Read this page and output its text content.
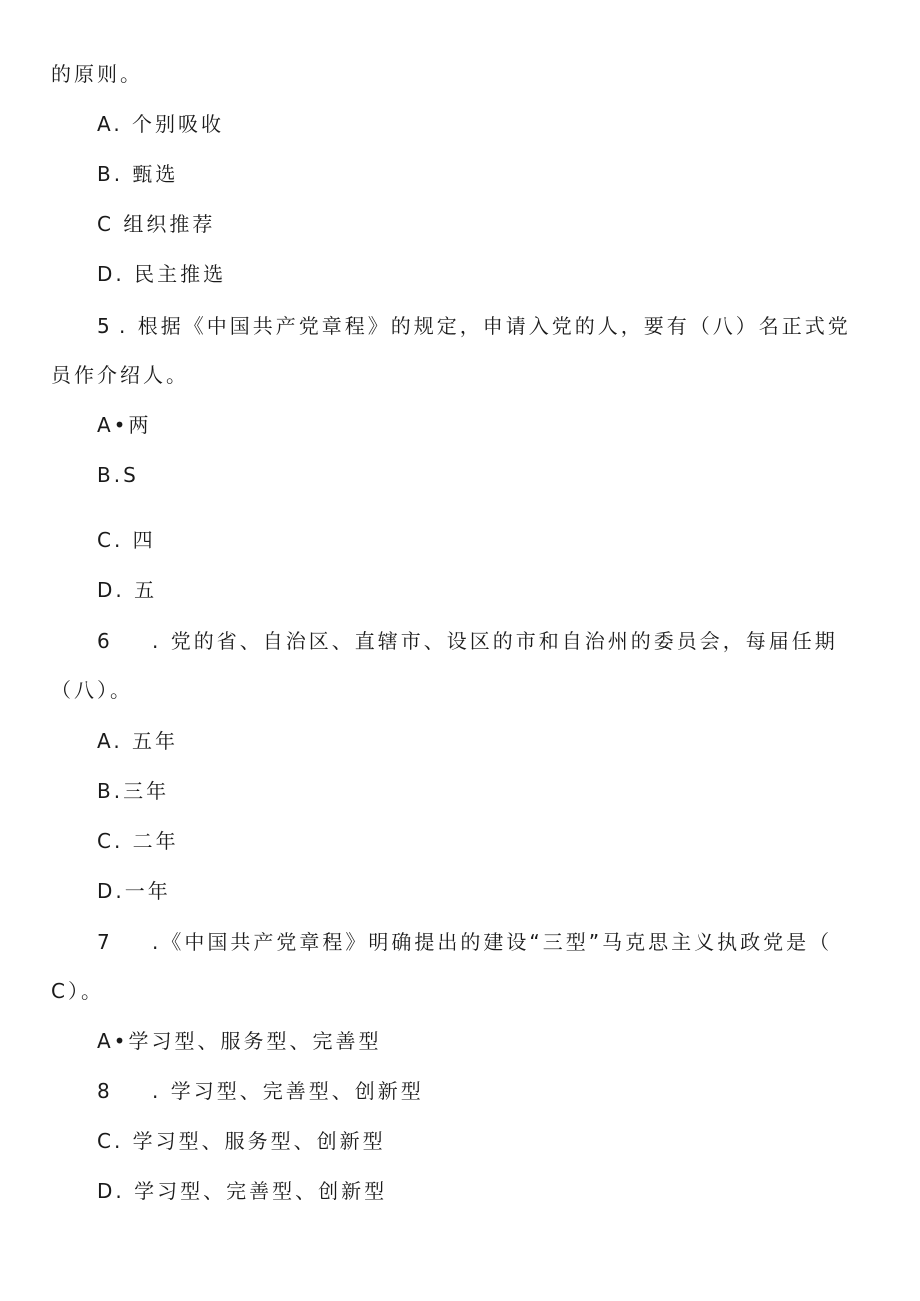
的原则。
A. 个别吸收
B. 甄选
C 组织推荐
D. 民主推选
5 . 根据《中国共产党章程》的规定，申请入党的人，要有（八）名正式党
员作介绍人。
A•两
B.S
C. 四
D. 五
6 . 党的省、自治区、直辖市、设区的市和自治州的委员会，每届任期
（八）。
A. 五年
B.三年
C. 二年
D.一年
7 .《中国共产党章程》明确提出的建设“三型”马克思主义执政党是（
C）。
A•学习型、服务型、完善型
8 . 学习型、完善型、创新型
C. 学习型、服务型、创新型
D. 学习型、完善型、创新型
